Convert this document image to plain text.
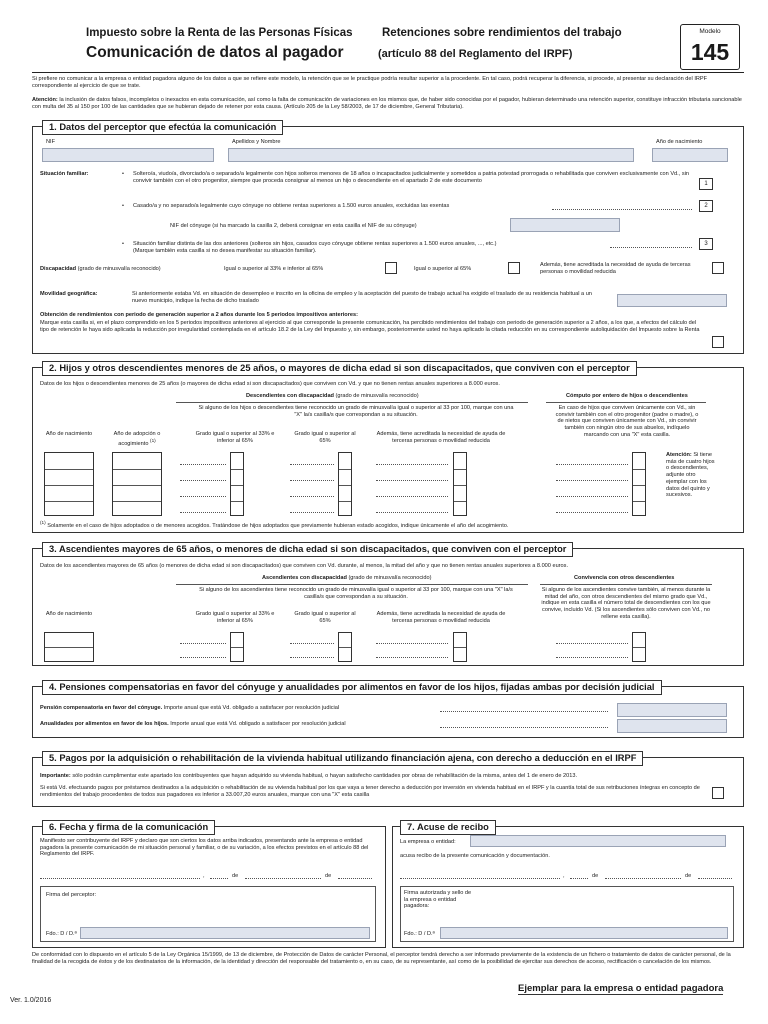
Impuesto sobre la Renta de las Personas Físicas	Retenciones sobre rendimientos del trabajo
Comunicación de datos al pagador	(artículo 88 del Reglamento del IRPF)
Modelo
145
Si prefiere no comunicar a la empresa o entidad pagadora alguno de los datos a que se refiere este modelo, la retención que se le practique podría resultar superior a la procedente. En tal caso, podrá recuperar la diferencia, si procede, al presentar su declaración del IRPF correspondiente al ejercicio de que se trate.
Atención: la inclusión de datos falsos, incompletos o inexactos en esta comunicación, así como la falta de comunicación de variaciones en los mismos que, de haber sido conocidas por el pagador, hubieran determinado una retención superior, constituye infracción tributaria sancionable con multa del 35 al 150 por 100 de las cantidades que se hubieran dejado de retener por esta causa. (Artículo 205 de la Ley 58/2003, de 17 de diciembre, General Tributaria).
1. Datos del perceptor que efectúa la comunicación
NIF	Apellidos y Nombre	Año de nacimiento
Situación familiar:	• Soltero/a, viudo/a, divorciado/a o separado/a legalmente con hijos solteros menores de 18 años o incapacitados judicialmente y sometidos a patria potestad prorrogada o rehabilitada que conviven exclusivamente con Vd., sin convivir también con el otro progenitor, siempre que proceda consignar al menos un hijo o descendiente en el apartado 2 de este documento
1
• Casado/a y no separado/a legalmente cuyo cónyuge no obtiene rentas superiores a 1.500 euros anuales, excluidas las exentas	2
NIF del cónyuge (si ha marcado la casilla 2, deberá consignar en esta casilla el NIF de su cónyuge)
• Situación familiar distinta de las dos anteriores (solteros sin hijos, casados cuyo cónyuge obtiene rentas superiores a 1.500 euros anuales, ..., etc.)
(Marque también esta casilla si no desea manifestar su situación familiar).
3
Discapacidad (grado de minusvalía reconocido)	Igual o superior al 33% e inferior al 65%	Igual o superior al 65%
Además, tiene acreditada la necesidad de ayuda de terceras personas o movilidad reducida
Movilidad geográfica:	Si anteriormente estaba Vd. en situación de desempleo e inscrito en la oficina de empleo y la aceptación del puesto de trabajo actual ha exigido el traslado de su residencia habitual a un nuevo municipio, indique la fecha de dicho traslado
Obtención de rendimientos con periodo de generación superior a 2 años durante los 5 periodos impositivos anteriores:
Marque esta casilla si, en el plazo comprendido en los 5 periodos impositivos anteriores al ejercicio al que corresponde la presente comunicación, ha percibido rendimientos del trabajo con periodo de generación superior a 2 años, a los que, a efectos del cálculo del tipo de retención le haya sido aplicada la reducción por irregularidad contemplada en el artículo 18.2 de la Ley del Impuesto y, sin embargo, posteriormente usted no haya aplicado la citada reducción en su correspondiente autoliquidación del Impuesto sobre la Renta
2. Hijos y otros descendientes menores de 25 años, o mayores de dicha edad si son discapacitados, que conviven con el perceptor
Datos de los hijos o descendientes menores de 25 años (o mayores de dicha edad si son discapacitados) que conviven con Vd. y que no tienen rentas anuales superiores a 8.000 euros.
Descendientes con discapacidad (grado de minusvalía reconocido)
Si alguno de los hijos o descendientes tiene reconocido un grado de minusvalía igual o superior al 33 por 100, marque con una "X" la/s casilla/s que correspondan a su situación.
Cómputo por entero de hijos o descendientes
En caso de hijos que conviven únicamente con Vd., sin convivir también con el otro progenitor (padre o madre), o de nietos que conviven únicamente con Vd., sin convivir también con ningún otro de sus abuelos, indíquelo marcando con una "X" esta casilla.
Año de nacimiento	Año de adopción o acogimiento $^{(1)}$
Grado igual o superior al 33% e inferior al 65%
Grado igual o superior al 65%
Además, tiene acreditada la necesidad de ayuda de terceras personas o movilidad reducida
Atención: Si tiene más de cuatro hijos o descendientes, adjunte otro ejemplar con los datos del quinto y sucesivos.
$^{(1)}$ Solamente en el caso de hijos adoptados o de menores acogidos. Tratándose de hijos adoptados que previamente hubieran estado acogidos, indique únicamente el año del acogimiento.
3. Ascendientes mayores de 65 años, o menores de dicha edad si son discapacitados, que conviven con el perceptor
Datos de los ascendientes mayores de 65 años (o menores de dicha edad si son discapacitados) que conviven con Vd. durante, al menos, la mitad del año y que no tienen rentas anuales superiores a 8.000 euros.
Ascendientes con discapacidad (grado de minusvalía reconocido)
Si alguno de los ascendientes tiene reconocido un grado de minusvalía igual o superior al 33 por 100, marque con una "X" la/s casilla/s que correspondan a su situación.
Convivencia con otros descendientes
Si alguno de los ascendientes convive también, al menos durante la mitad del año, con otros descendientes del mismo grado que Vd., indique en esta casilla el número total de descendientes con los que convive, incluido Vd. (Si los ascendientes sólo conviven con Vd., no rellene esta casilla).
Año de nacimiento	Grado igual o superior al 33% e inferior al 65%
Grado igual o superior al 65%
Además, tiene acreditada la necesidad de ayuda de terceras personas o movilidad reducida
4. Pensiones compensatorias en favor del cónyuge y anualidades por alimentos en favor de los hijos, fijadas ambas por decisión judicial
Pensión compensatoria en favor del cónyuge. Importe anual que está Vd. obligado a satisfacer por resolución judicial
Anualidades por alimentos en favor de los hijos. Importe anual que está Vd. obligado a satisfacer por resolución judicial
5. Pagos por la adquisición o rehabilitación de la vivienda habitual utilizando financiación ajena, con derecho a deducción en el IRPF
Importante: sólo podrán cumplimentar este apartado los contribuyentes que hayan adquirido su vivienda habitual, o hayan satisfecho cantidades por obras de rehabilitación de la misma, antes del 1 de enero de 2013.
Si está Vd. efectuando pagos por préstamos destinados a la adquisición o rehabilitación de su vivienda habitual por los que vaya a tener derecho a deducción por inversión en vivienda habitual en el IRPF y la cuantía total de sus retribuciones íntegras en concepto de rendimientos del trabajo procedentes de todos sus pagadores es inferior a 33.007,20 euros anuales, marque con una "X" esta casilla
6. Fecha y firma de la comunicación
Manifiesto ser contribuyente del IRPF y declaro que son ciertos los datos arriba indicados, presentando ante la empresa o entidad pagadora la presente comunicación de mi situación personal y familiar, o de su variación, a los efectos previstos en el artículo 88 del Reglamento del IRPF.
,	de	de
Firma del perceptor:
Fdo.: D / D.ª
7. Acuse de recibo
La empresa o entidad:
acusa recibo de la presente comunicación y documentación.
,	de	de
Firma autorizada y sello de la empresa o entidad pagadora:
Fdo.: D / D.ª
De conformidad con lo dispuesto en el artículo 5 de la Ley Orgánica 15/1999, de 13 de diciembre, de Protección de Datos de carácter Personal, el perceptor tendrá derecho a ser informado previamente de la existencia de un fichero o tratamiento de datos de carácter personal, de la finalidad de la recogida de éstos y de los destinatarios de la información, de la identidad y dirección del responsable del tratamiento o, en su caso, de su representante, así como de la posibilidad de ejercitar sus derechos de acceso, rectificación o cancelación de los mismos.
Ver. 1.0/2016
Ejemplar para la empresa o entidad pagadora
